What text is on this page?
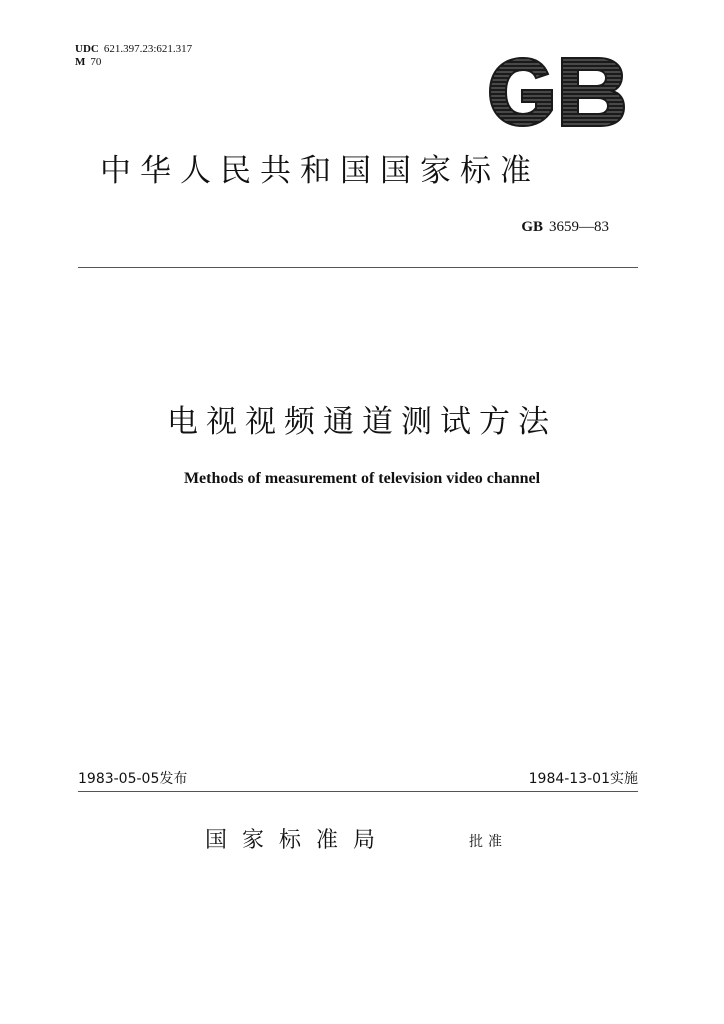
UDC 621.397.23:621.317
M 70
GB
中华人民共和国国家标准
GB 3659—83
电视视频通道测试方法
Methods of measurement of television video channel
1983-05-05发布	1984-13-01实施
国家标准局	批准
